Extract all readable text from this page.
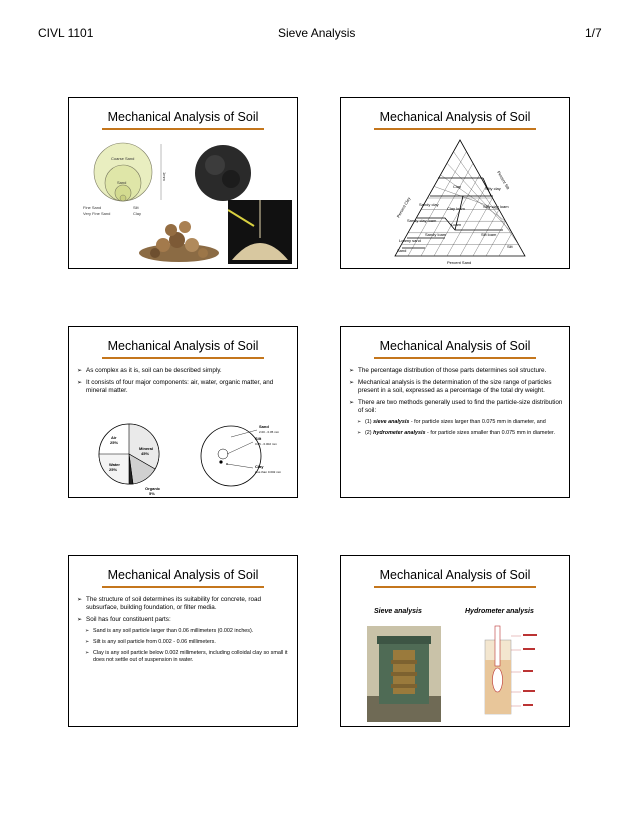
CIVL 1101	Sieve Analysis	1/7
Mechanical Analysis of Soil
Coarse Sand
Sand
Fine Sand
Very Fine Sand
Silt
Clay
1mm
Mechanical Analysis of Soil
Clay	Silty clay
Sandy clay	Silty clay loam
Clay loam
Sandy clay loam
Loam
Silt loam
Sandy loam
Silt
Loamy sand
Sand
Percent Clay
Percent Silt
Percent Sand
Mechanical Analysis of Soil
➢ As complex as it is, soil can be described simply.
➢ It consists of four major components: air, water, organic matter, and mineral matter.
Air
25%
Mineral
45%
Water
25%
Organic
5%
Sand
2.00 - 0.05 mm
Silt
0.05 - 0.002 mm
Clay
less than 0.002 mm
Mechanical Analysis of Soil
➢ The percentage distribution of those parts determines soil structure.
➢ Mechanical analysis is the determination of the size range of particles present in a soil, expressed as a percentage of the total dry weight.
➢ There are two methods generally used to find the particle-size distribution of soil:
➢ (1) sieve analysis - for particle sizes larger than 0.075 mm in diameter, and
➢ (2) hydrometer analysis - for particle sizes smaller than 0.075 mm in diameter.
Mechanical Analysis of Soil
➢ The structure of soil determines its suitability for concrete, road subsurface, building foundation, or filter media.
➢ Soil has four constituent parts:
➢ Sand is any soil particle larger than 0.06 millimeters (0.002 inches).
➢ Silt is any soil particle from 0.002 - 0.06 millimeters.
➢ Clay is any soil particle below 0.002 millimeters, including colloidal clay so small it does not settle out of suspension in water.
Mechanical Analysis of Soil
Sieve analysis	Hydrometer analysis
